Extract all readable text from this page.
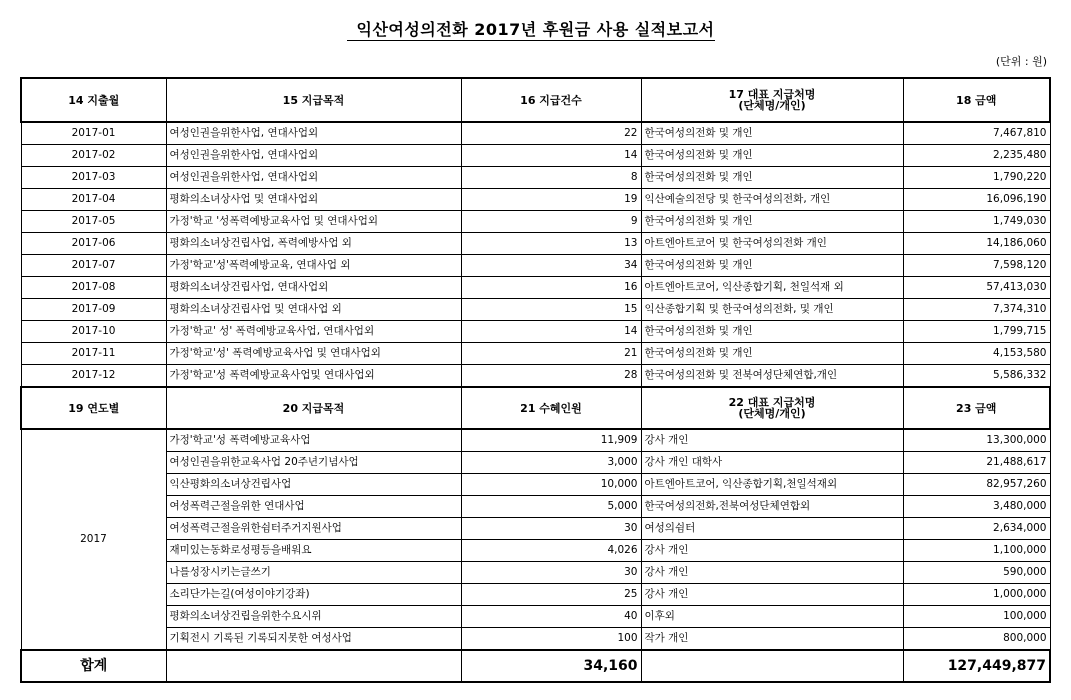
익산여성의전화 2017년 후원금 사용 실적보고서
(단위 : 원)
14 지출월	15 지급목적	16 지급건수	17 대표 지급처명
(단체명/개인)	18 금액
2017-01	여성인권을위한사업, 연대사업외	22	한국여성의전화 및 개인	7,467,810
2017-02	여성인권을위한사업, 연대사업외	14	한국여성의전화 및 개인	2,235,480
2017-03	여성인권을위한사업, 연대사업외	8	한국여성의전화 및 개인	1,790,220
2017-04	평화의소녀상사업 및 연대사업외	19	익산예술의전당 및 한국여성의전화, 개인	16,096,190
2017-05	가정'학교 '성폭력예방교육사업 및 연대사업외	9	한국여성의전화 및 개인	1,749,030
2017-06	평화의소녀상건립사업, 폭력예방사업 외	13	아트엔아트코어 및 한국여성의전화 개인	14,186,060
2017-07	가정'학교'성'폭력예방교육, 연대사업 외	34	한국여성의전화 및 개인	7,598,120
2017-08	평화의소녀상건립사업, 연대사업외	16	아트엔아트코어, 익산종합기획, 천일석재 외	57,413,030
2017-09	평화의소녀상건립사업 및 연대사업 외	15	익산종합기획 및 한국여성의전화, 및 개인	7,374,310
2017-10	가정'학교' 성' 폭력예방교육사업, 연대사업외	14	한국여성의전화 및 개인	1,799,715
2017-11	가정'학교'성' 폭력예방교육사업 및 연대사업외	21	한국여성의전화 및 개인	4,153,580
2017-12	가정'학교'성 폭력예방교육사업및 연대사업외	28	한국여성의전화 및 전북여성단체연합,개인	5,586,332
19 연도별	20 지급목적	21 수혜인원	22 대표 지급처명
(단체명/개인)	23 금액
2017	가정'학교'성 폭력예방교육사업	11,909	강사 개인	13,300,000
	여성인권을위한교육사업 20주년기념사업	3,000	강사 개인 대학사	21,488,617
	익산평화의소녀상건립사업	10,000	아트엔아트코어, 익산종합기획,천일석재외	82,957,260
	여성폭력근절을위한 연대사업	5,000	한국여성의전화,전북여성단체연합외	3,480,000
	여성폭력근절을위한쉼터주거지원사업	30	여성의쉼터	2,634,000
	재미있는동화로성평등을배워요	4,026	강사 개인	1,100,000
	나를성장시키는글쓰기	30	강사 개인	590,000
	소리단가는길(여성이야기강좌)	25	강사 개인	1,000,000
	평화의소녀상건립을위한수요시위	40	이후외	100,000
	기획전시 기록된 기록되지못한 여성사업	100	작가 개인	800,000
합계		34,160		127,449,877
